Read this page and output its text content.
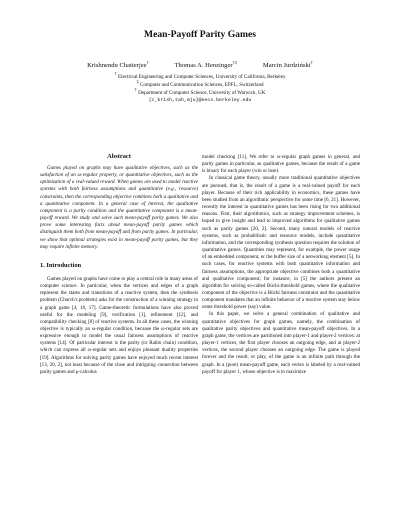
Mean-Payoff Parity Games
Krishnendu Chatterjee†	Thomas A. Henzinger†‡	Marcin Jurdziński†
† Electrical Engineering and Computer Sciences, University of California, Berkeley
‡ Computer and Communication Sciences, EPFL, Switzerland
† Department of Computer Science, University of Warwick, UK
{c_krish,tah,mju}@eecs.berkeley.edu
Abstract

Games played on graphs may have qualitative objectives, such as the satisfaction of an ω-regular property, or quantitative objectives, such as the optimization of a real-valued reward. When games are used to model reactive systems with both fairness assumptions and quantitative (e.g., resource) constraints, then the corresponding objective combines both a qualitative and a quantitative component. In a general case of interest, the qualitative component is a parity condition and the quantitative component is a mean-payoff reward. We study and solve such mean-payoff parity games. We also prove some interesting facts about mean-payoff parity games which distinguish them both from mean-payoff and from parity games. In particular, we show that optimal strategies exist in mean-payoff parity games, but they may require infinite memory.

1. Introduction

Games played on graphs have come to play a central role in many areas of computer science. In particular, when the vertices and edges of a graph represent the states and transitions of a reactive system, then the synthesis problem (Church's problem) asks for the construction of a winning strategy in a graph game [4, 18, 17]. Game-theoretic formulations have also proved useful for the modeling [9], verification [1], refinement [12], and compatibility checking [8] of reactive systems. In all these cases, the winning objective is typically an ω-regular condition, because the ω-regular sets are expressive enough to model the usual fairness assumptions of reactive systems [14]. Of particular interest is the parity (or Rabin chain) condition, which can express all ω-regular sets and enjoys pleasant duality properties [19]. Algorithms for solving parity games have enjoyed much recent interest [13, 20, 2], not least because of the close and intriguing connection between parity games and μ-calculus

model checking [11]. We refer to ω-regular graph games in general, and parity games in particular, as qualitative games, because the result of a game is binary for each player (win or lose).

In classical game theory, usually more traditional quantitative objectives are pursued, that is, the result of a game is a real-valued payoff for each player. Because of their rich applicability in economics, these games have been studied from an algorithmic perspective for some time [6, 21]. However, recently the interest in quantitative games has been rising for two additional reasons. First, their algorithmics, such as strategy improvement schemes, is hoped to give insight and lead to improved algorithms for qualitative games such as parity games [20, 2]. Second, many natural models of reactive systems, such as probabilistic and resource models, include quantitative information, and the corresponding synthesis question requires the solution of quantitative games. Quantities may represent, for example, the power usage of an embedded component, or the buffer size of a networking element [5]. In such cases, for reactive systems with both quantitative information and fairness assumptions, the appropriate objective combines both a quantitative and qualitative component; for instance, in [5] the authors present an algorithm for solving so-called Büchi-threshold games, where the qualitative component of the objective is a Büchi fairness constraint and the quantitative component mandates that an infinite behavior of a reactive system stay below some threshold power (say) value.

In this paper, we solve a general combination of qualitative and quantitative objectives for graph games, namely, the combination of qualitative parity objectives and quantitative mean-payoff objectives. In a graph game, the vertices are partitioned into player-1 and player-2 vertices: at player-1 vertices, the first player chooses an outgoing edge, and at player-2 vertices, the second player chooses an outgoing edge. The game is played forever and the result, or play, of the game is an infinite path through the graph. In a (pure) mean-payoff game, each vertex is labeled by a real-valued payoff for player 1, whose objective is to maximize
